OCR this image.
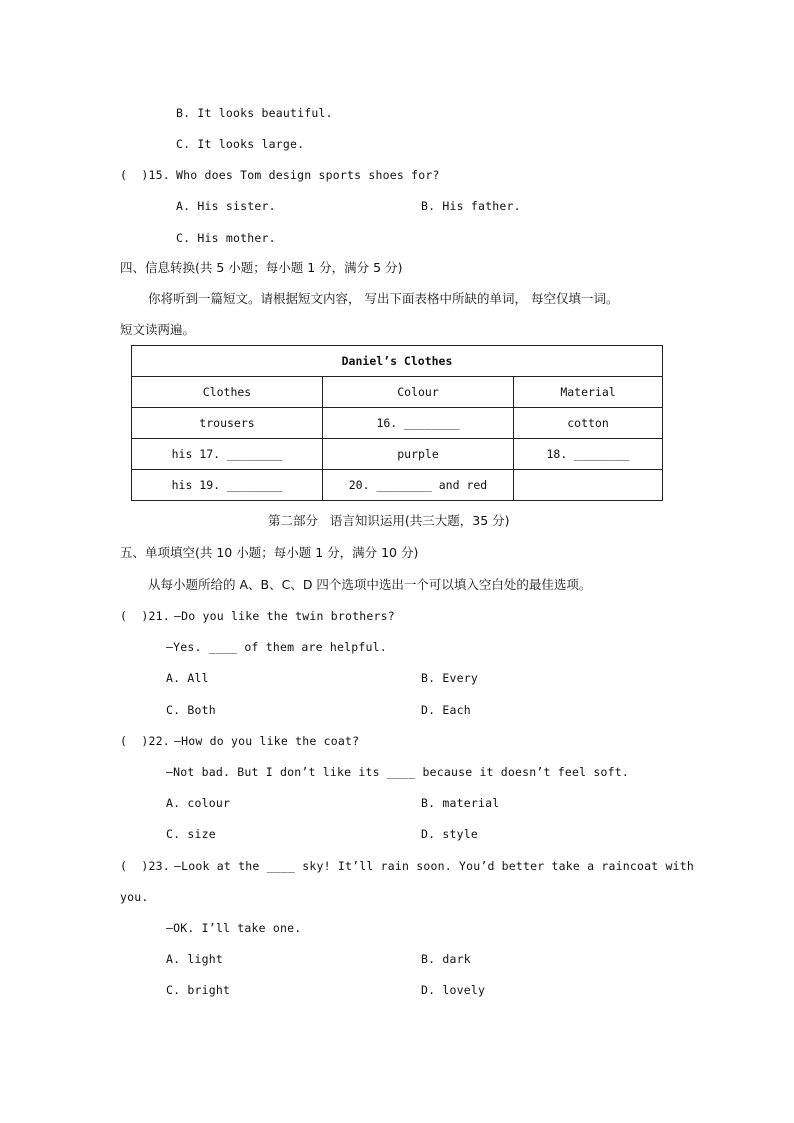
B. It looks beautiful.
C. It looks large.
(  )15. Who does Tom design sports shoes for?
A. His sister.	B. His father.
C. His mother.
四、信息转换(共 5 小题；每小题 1 分，满分 5 分)
你将听到一篇短文。请根据短文内容， 写出下面表格中所缺的单词， 每空仅填一词。
短文读两遍。
Daniel’s Clothes		
Clothes	Colour	Material
trousers	16. ________	cotton
his 17. ________	purple	18. ________
his 19. ________	20. ________ and red	
第二部分   语言知识运用(共三大题，35 分)
五、单项填空(共 10 小题；每小题 1 分，满分 10 分)
从每小题所给的 A、B、C、D 四个选项中选出一个可以填入空白处的最佳选项。
(  )21. —Do you like the twin brothers?
—Yes. ____ of them are helpful.
A. All	B. Every
C. Both	D. Each
(  )22. —How do you like the coat?
—Not bad. But I don’t like its ____ because it doesn’t feel soft.
A. colour	B. material
C. size	D. style
(  )23. —Look at the ____ sky! It’ll rain soon. You’d better take a raincoat with
you.
—OK. I’ll take one.
A. light	B. dark
C. bright	D. lovely
